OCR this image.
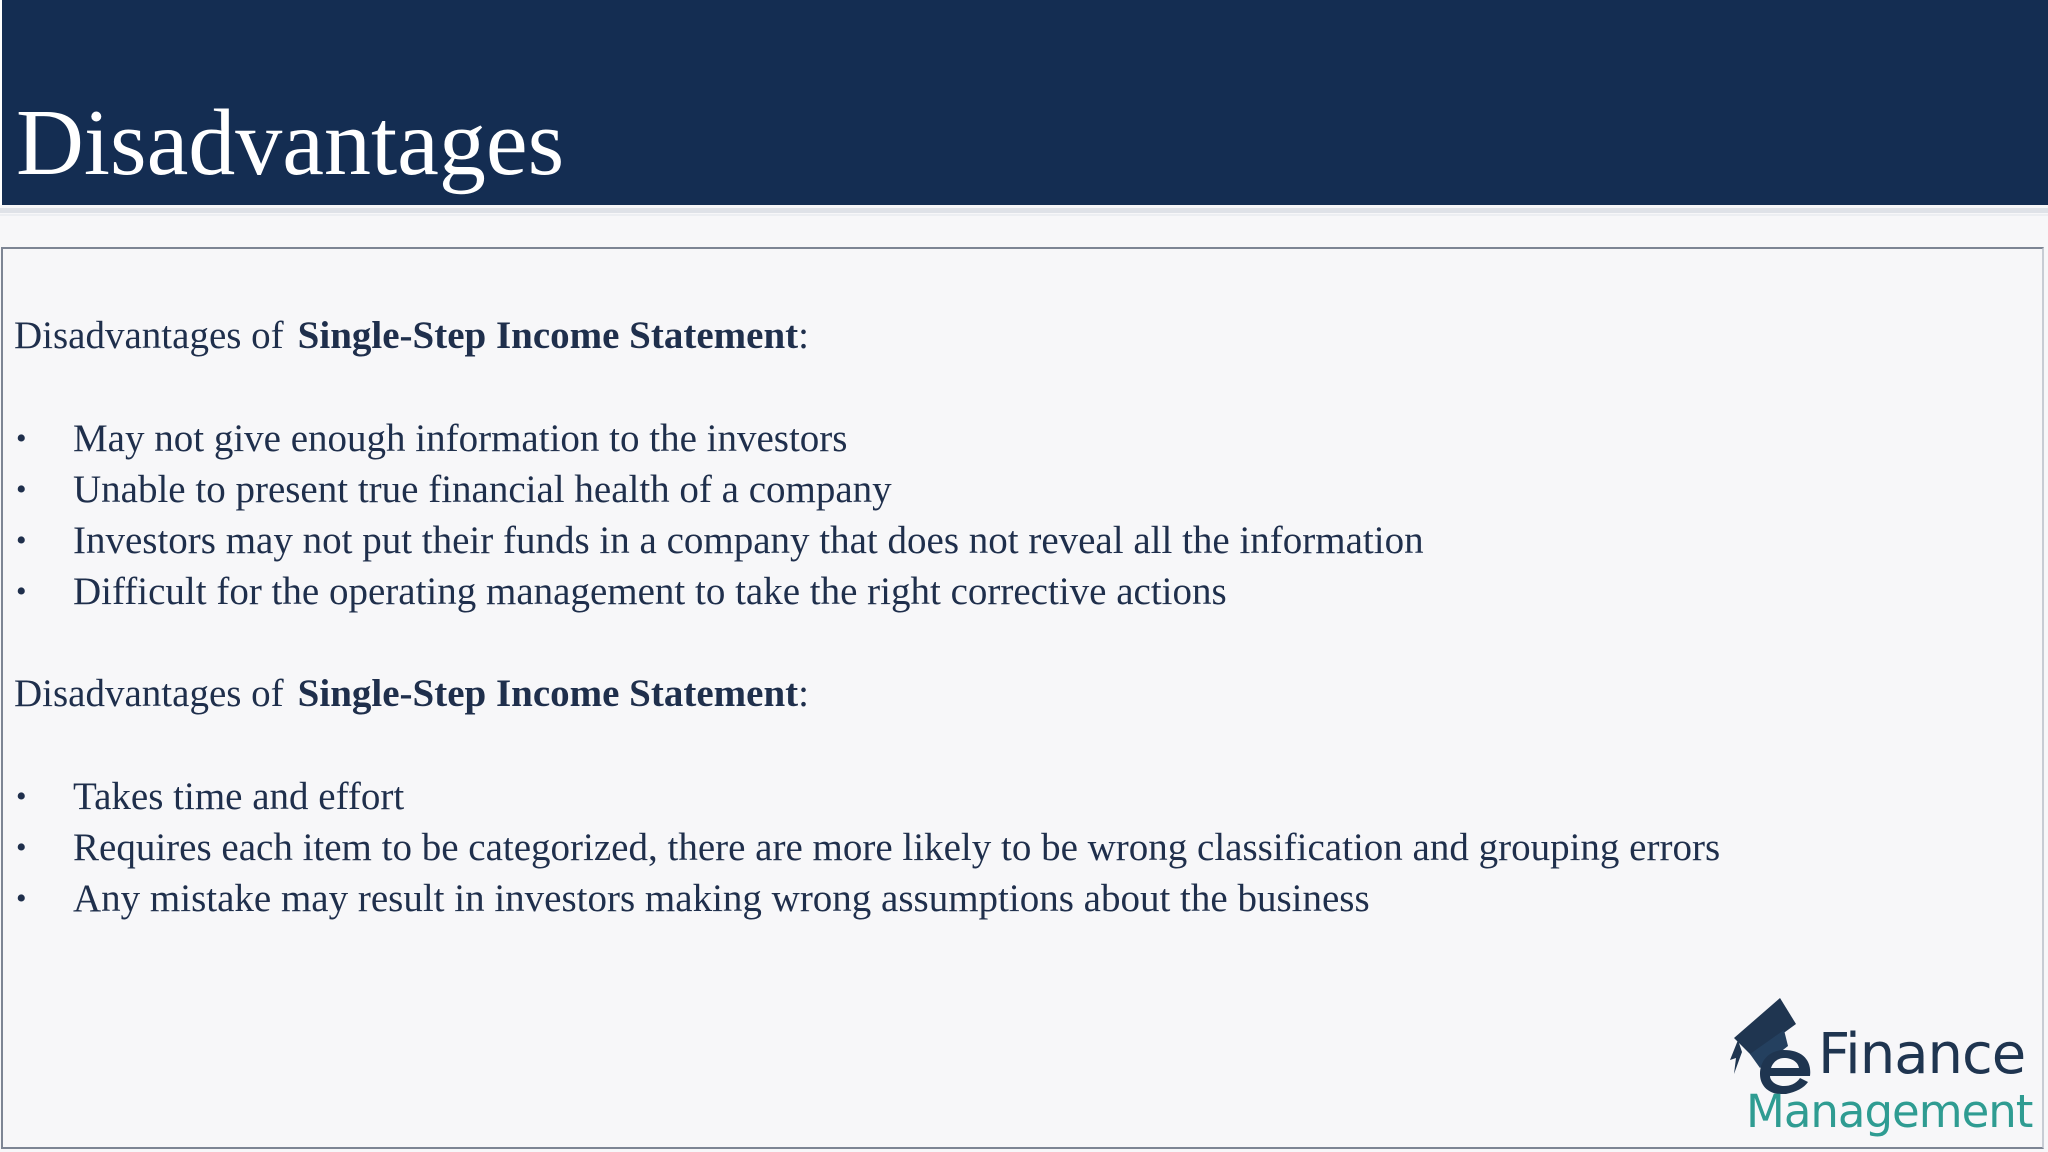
Disadvantages
Disadvantages of Single-Step Income Statement:
• May not give enough information to the investors
• Unable to present true financial health of a company
• Investors may not put their funds in a company that does not reveal all the information
• Difficult for the operating management to take the right corrective actions
Disadvantages of Single-Step Income Statement:
• Takes time and effort
• Requires each item to be categorized, there are more likely to be wrong classification and grouping errors
• Any mistake may result in investors making wrong assumptions about the business
Finance
Management
